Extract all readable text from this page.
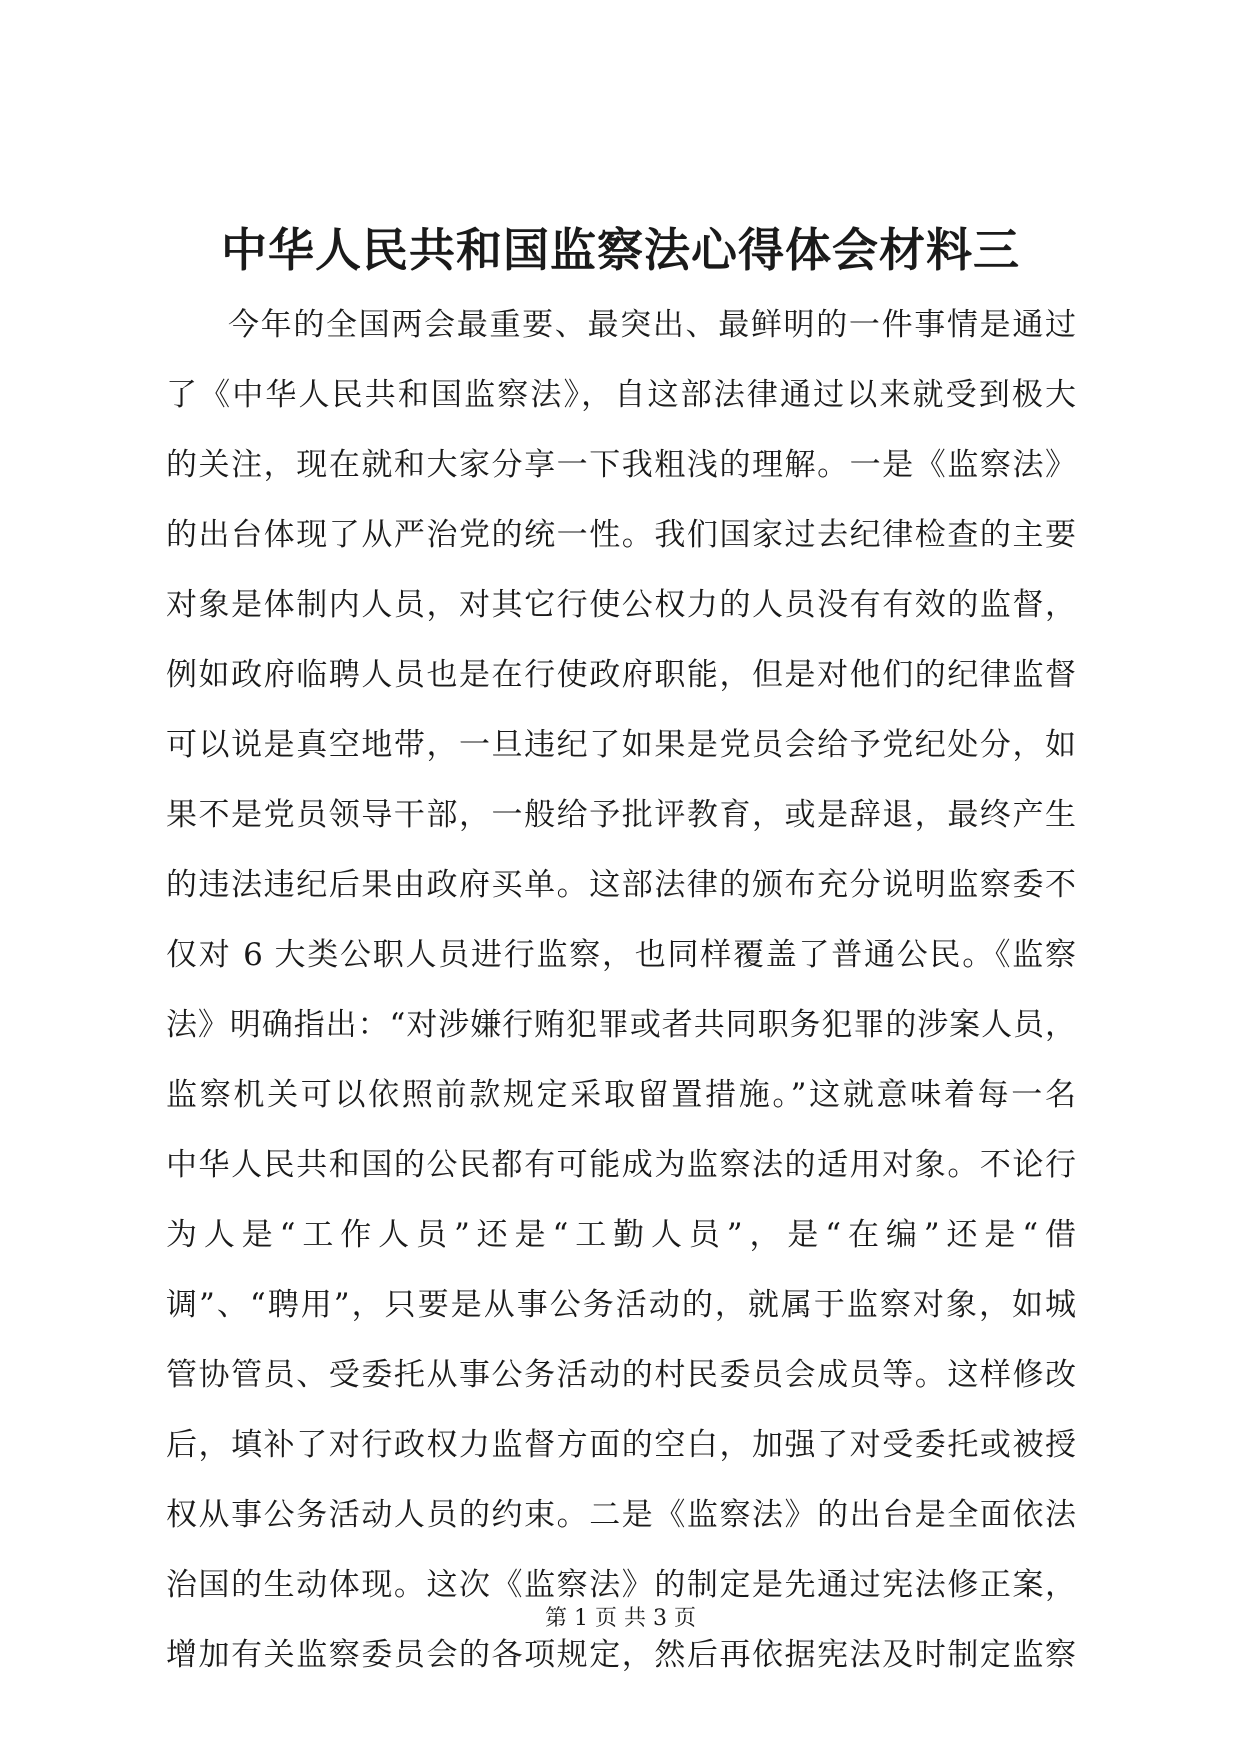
中华人民共和国监察法心得体会材料三
今年的全国两会最重要、最突出、最鲜明的一件事情是通过
了《中华人民共和国监察法》，自这部法律通过以来就受到极大
的关注，现在就和大家分享一下我粗浅的理解。一是《监察法》
的出台体现了从严治党的统一性。我们国家过去纪律检查的主要
对象是体制内人员，对其它行使公权力的人员没有有效的监督，
例如政府临聘人员也是在行使政府职能，但是对他们的纪律监督
可以说是真空地带，一旦违纪了如果是党员会给予党纪处分，如
果不是党员领导干部，一般给予批评教育，或是辞退，最终产生
的违法违纪后果由政府买单。这部法律的颁布充分说明监察委不
仅对 6 大类公职人员进行监察，也同样覆盖了普通公民。《监察
法》明确指出：“对涉嫌行贿犯罪或者共同职务犯罪的涉案人员，
监察机关可以依照前款规定采取留置措施。”这就意味着每一名
中华人民共和国的公民都有可能成为监察法的适用对象。不论行
为人是“工作人员”还是“工勤人员”，是“在编”还是“借
调”、“聘用”，只要是从事公务活动的，就属于监察对象，如城
管协管员、受委托从事公务活动的村民委员会成员等。这样修改
后，填补了对行政权力监督方面的空白，加强了对受委托或被授
权从事公务活动人员的约束。二是《监察法》的出台是全面依法
治国的生动体现。这次《监察法》的制定是先通过宪法修正案，
增加有关监察委员会的各项规定，然后再依据宪法及时制定监察
第 1 页 共 3 页
